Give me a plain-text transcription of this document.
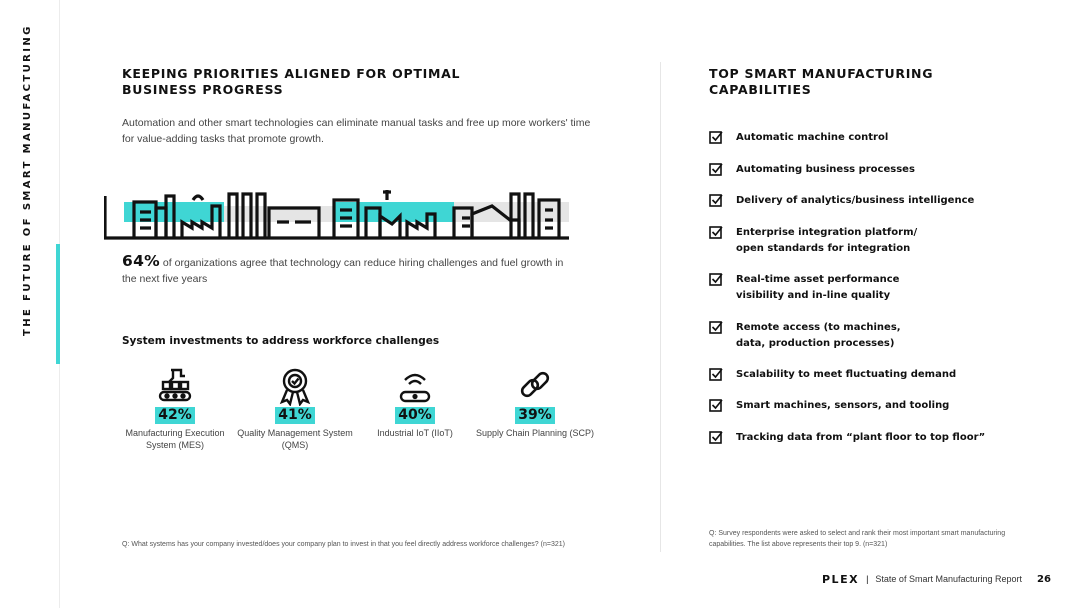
THE FUTURE OF SMART MANUFACTURING	KEEPING PRIORITIES ALIGNED FOR OPTIMAL BUSINESS PROGRESS
Automation and other smart technologies can eliminate manual tasks and free up more workers' time for value-adding tasks that promote growth.
64% of organizations agree that technology can reduce hiring challenges and fuel growth in the next five years
System investments to address workforce challenges
42%
Manufacturing Execution System (MES)
41%
Quality Management System (QMS)
40%
Industrial IoT (IIoT)
39%
Supply Chain Planning (SCP)
Q: What systems has your company invested/does your company plan to invest in that you feel directly address workforce challenges? (n=321)
TOP SMART MANUFACTURING CAPABILITIES
Automatic machine control
Automating business processes
Delivery of analytics/business intelligence
Enterprise integration platform/
open standards for integration
Real-time asset performance
visibility and in-line quality
Remote access (to machines,
data, production processes)
Scalability to meet fluctuating demand
Smart machines, sensors, and tooling
Tracking data from “plant floor to top floor”
Q: Survey respondents were asked to select and rank their most important smart manufacturing capabilities. The list above represents their top 9. (n=321)
PLEX | State of Smart Manufacturing Report 26
